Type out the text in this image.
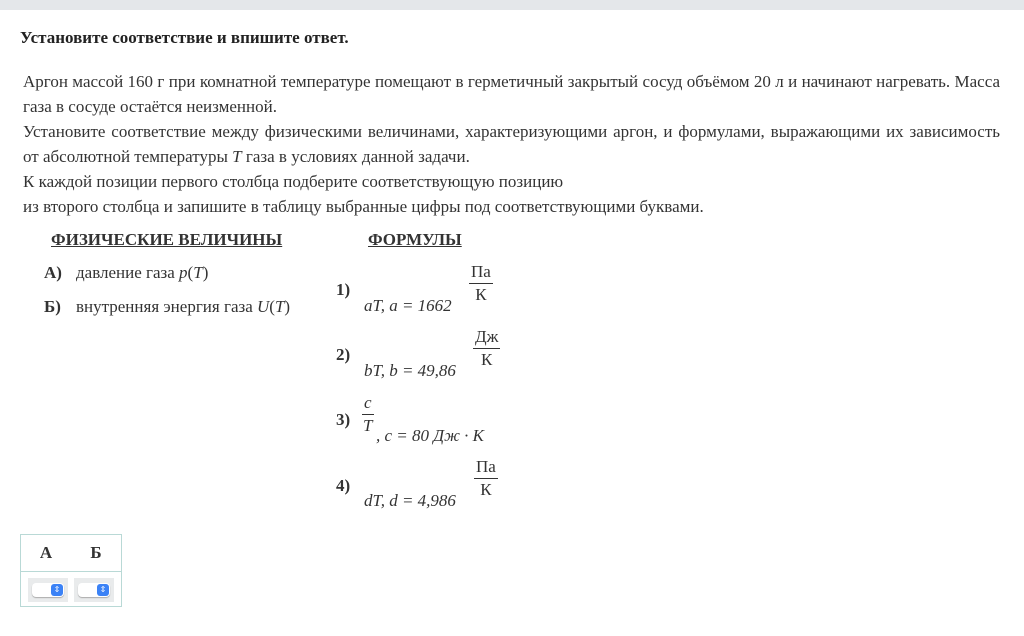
Установите соответствие и впишите ответ.
Аргон массой 160 г при комнатной температуре помещают в герметичный закрытый сосуд объёмом 20 л и начинают нагревать. Масса газа в сосуде остаётся неизменной.
Установите соответствие между физическими величинами, характеризующими аргон, и формулами, выражающими их зависимость от абсолютной температуры T газа в условиях данной задачи.
К каждой позиции первого столбца подберите соответствующую позицию
из второго столбца и запишите в таблицу выбранные цифры под соответствующими буквами.
ФИЗИЧЕСКИЕ ВЕЛИЧИНЫ	ФОРМУЛЫ
А) давление газа p(T)
Б) внутренняя энергия газа U(T)
1)
aT, a = 1662
Па
К
2)
bT, b = 49,86
Дж
К
$3) \frac{c}{T}$ , c = 80 Дж · К
4)
dT, d = 4,986
Па
К
А	Б
⇕	⇕
